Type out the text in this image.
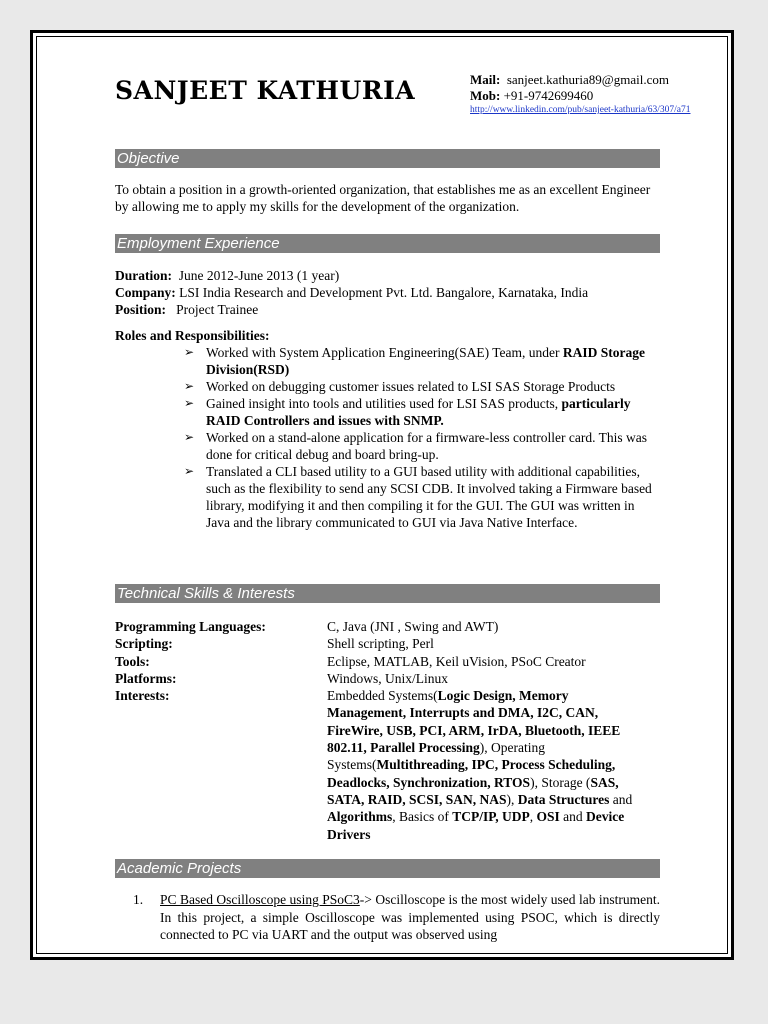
SANJEET KATHURIA	Mail: sanjeet.kathuria89@gmail.com
Mob: +91-9742699460
http://www.linkedin.com/pub/sanjeet-kathuria/63/307/a71
Objective
To obtain a position in a growth-oriented organization, that establishes me as an excellent Engineer by allowing me to apply my skills for the development of the organization.
Employment Experience
Duration: June 2012-June 2013 (1 year)
Company: LSI India Research and Development Pvt. Ltd. Bangalore, Karnataka, India
Position: Project Trainee
Roles and Responsibilities:
➢ Worked with System Application Engineering(SAE) Team, under RAID Storage Division(RSD)
➢ Worked on debugging customer issues related to LSI SAS Storage Products
➢ Gained insight into tools and utilities used for LSI SAS products, particularly RAID Controllers and issues with SNMP.
➢ Worked on a stand-alone application for a firmware-less controller card. This was done for critical debug and board bring-up.
➢ Translated a CLI based utility to a GUI based utility with additional capabilities, such as the flexibility to send any SCSI CDB. It involved taking a Firmware based library, modifying it and then compiling it for the GUI. The GUI was written in Java and the library communicated to GUI via Java Native Interface.
Technical Skills & Interests
Programming Languages:	C, Java (JNI , Swing and AWT)
Scripting:	Shell scripting, Perl
Tools:	Eclipse, MATLAB, Keil uVision, PSoC Creator
Platforms:	Windows, Unix/Linux
Interests:	Embedded Systems(Logic Design, Memory Management, Interrupts and DMA, I2C, CAN, FireWire, USB, PCI, ARM, IrDA, Bluetooth, IEEE 802.11, Parallel Processing), Operating Systems(Multithreading, IPC, Process Scheduling, Deadlocks, Synchronization, RTOS), Storage (SAS, SATA, RAID, SCSI, SAN, NAS), Data Structures and Algorithms, Basics of TCP/IP, UDP, OSI and Device Drivers
Academic Projects
1. PC Based Oscilloscope using PSoC3-> Oscilloscope is the most widely used lab instrument. In this project, a simple Oscilloscope was implemented using PSOC, which is directly connected to PC via UART and the output was observed using
